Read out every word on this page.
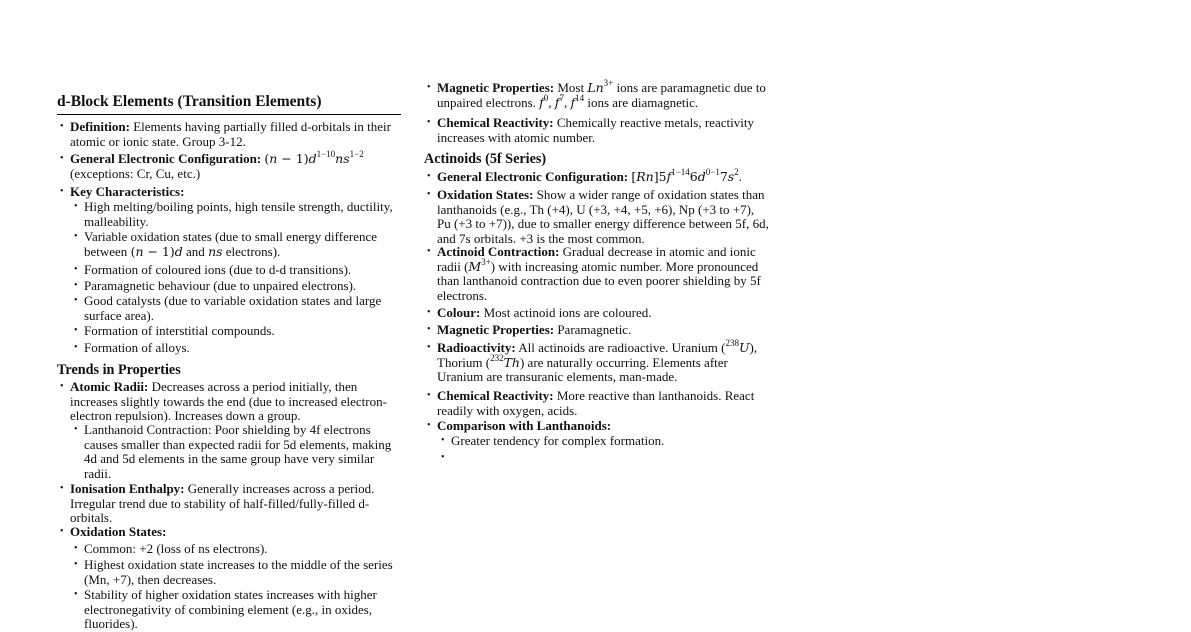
d-Block Elements (Transition Elements)
• Definition: Elements having partially filled d-orbitals in their atomic or ionic state. Group 3-12.
• General Electronic Configuration: $(n - 1)d^{1-10}ns^{1-2}$
(exceptions: Cr, Cu, etc.)
• Key Characteristics:
• High melting/boiling points, high tensile strength, ductility, malleability.
• Variable oxidation states (due to small energy difference between (n − 1)d and ns electrons).
• Formation of coloured ions (due to d-d transitions).
• Paramagnetic behaviour (due to unpaired electrons).
• Good catalysts (due to variable oxidation states and large surface area).
• Formation of interstitial compounds.
• Formation of alloys.
Trends in Properties
• Atomic Radii: Decreases across a period initially, then increases slightly towards the end (due to increased electron-electron repulsion). Increases down a group.
• Lanthanoid Contraction: Poor shielding by 4f electrons causes smaller than expected radii for 5d elements, making 4d and 5d elements in the same group have very similar radii.
• Ionisation Enthalpy: Generally increases across a period. Irregular trend due to stability of half-filled/fully-filled d-orbitals.
• Oxidation States:
• Common: +2 (loss of ns electrons).
• Highest oxidation state increases to the middle of the series (Mn, +7), then decreases.
• Stability of higher oxidation states increases with higher electronegativity of combining element (e.g., in oxides, fluorides).
• Magnetic Properties: Most $Ln^{3+}$ ions are paramagnetic due to unpaired electrons. $f^0$, $f^7$, $f^{14}$ ions are diamagnetic.
• Chemical Reactivity: Chemically reactive metals, reactivity increases with atomic number.
Actinoids (5f Series)
• General Electronic Configuration: $[Rn]5f^{1-14}6d^{0-1}7s^2$.
• Oxidation States: Show a wider range of oxidation states than lanthanoids (e.g., Th (+4), U (+3, +4, +5, +6), Np (+3 to +7), Pu (+3 to +7)), due to smaller energy difference between 5f, 6d, and 7s orbitals. +3 is the most common.
• Actinoid Contraction: Gradual decrease in atomic and ionic radii $(M^{3+})$ with increasing atomic number. More pronounced than lanthanoid contraction due to even poorer shielding by 5f electrons.
• Colour: Most actinoid ions are coloured.
• Magnetic Properties: Paramagnetic.
• Radioactivity: All actinoids are radioactive. Uranium ($^{238}$U), Thorium ($^{232}$Th) are naturally occurring. Elements after Uranium are transuranic elements, man-made.
• Chemical Reactivity: More reactive than lanthanoids. React readily with oxygen, acids.
• Comparison with Lanthanoids:
• Greater tendency for complex formation.
•
